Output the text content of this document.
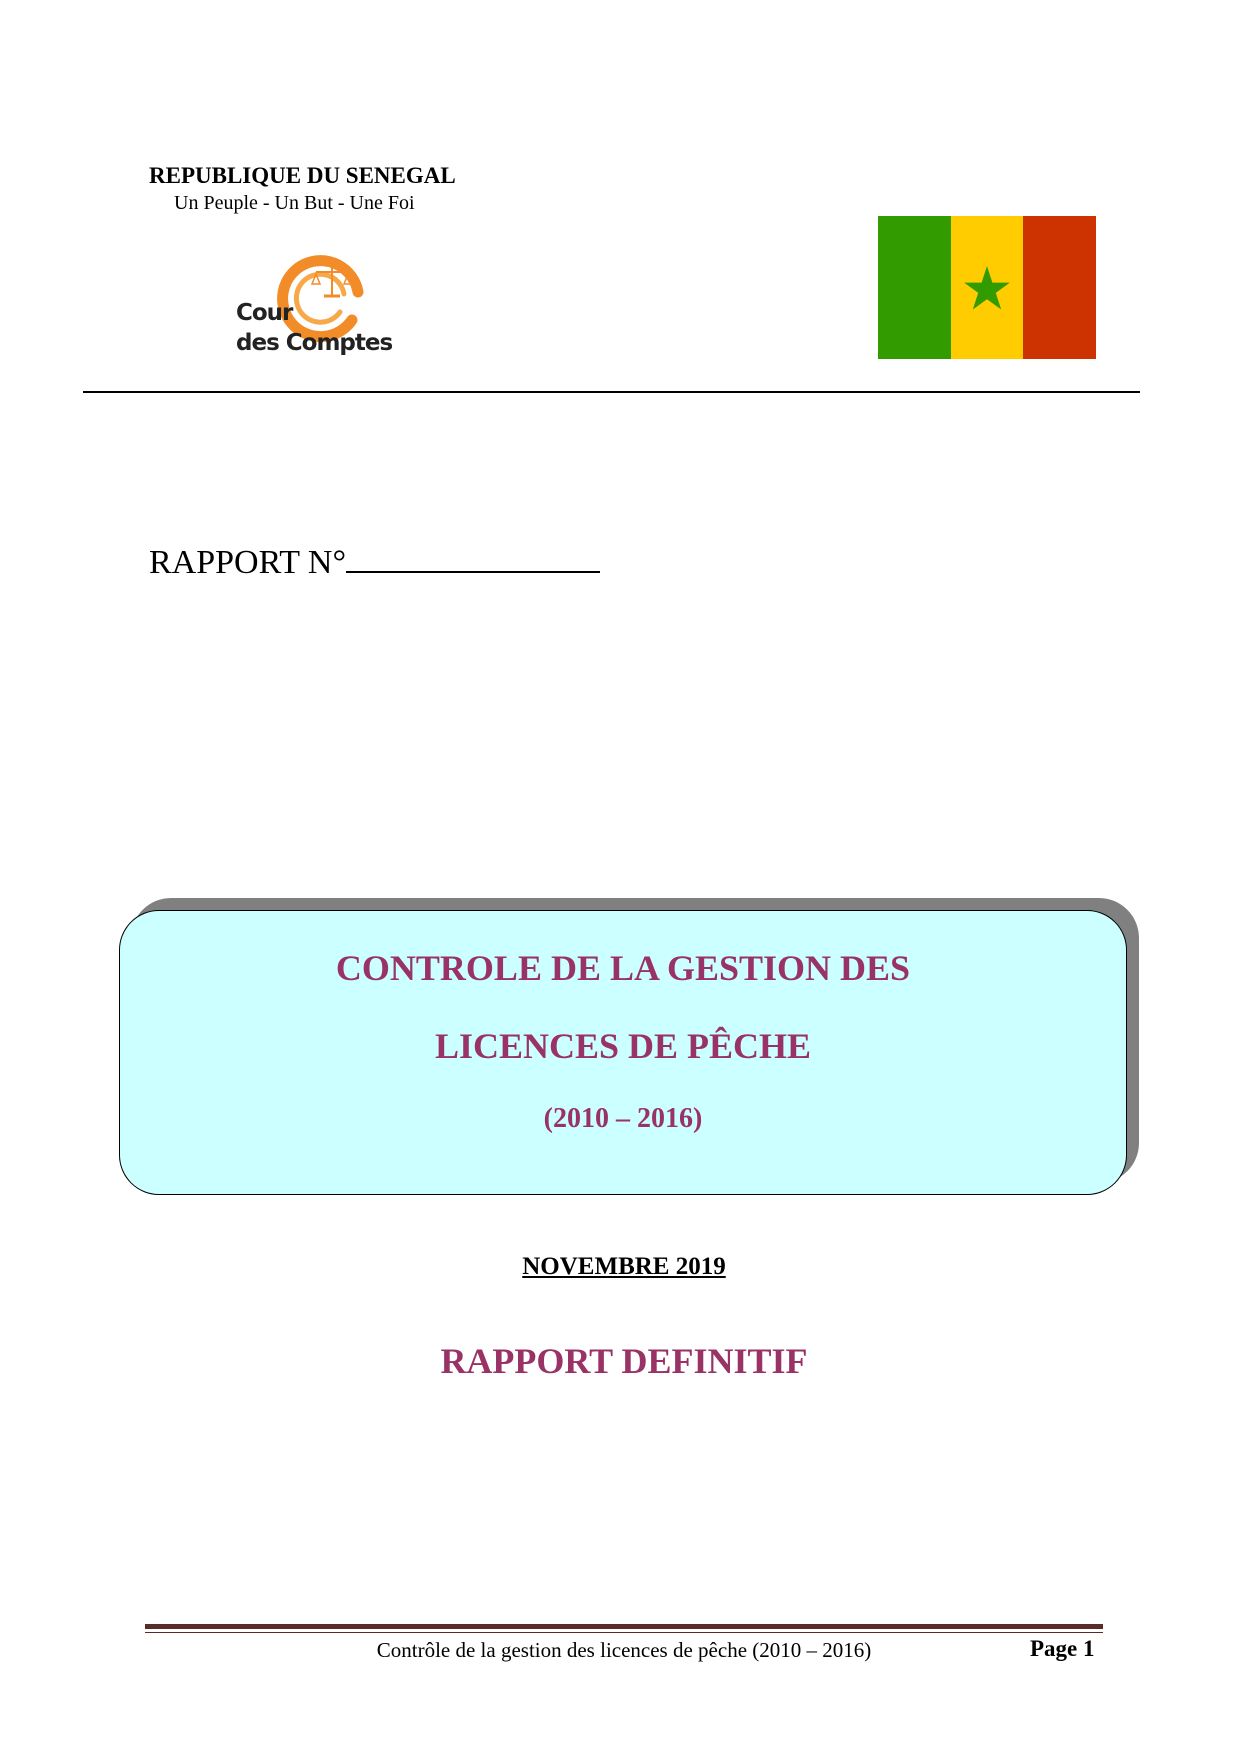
REPUBLIQUE DU SENEGAL
Un Peuple - Un But - Une Foi
Cour
des Comptes
RAPPORT N°
CONTROLE DE LA GESTION DES
LICENCES DE PÊCHE
(2010 – 2016)
NOVEMBRE 2019
RAPPORT DEFINITIF
Contrôle de la gestion des licences de pêche (2010 – 2016)	Page 1
